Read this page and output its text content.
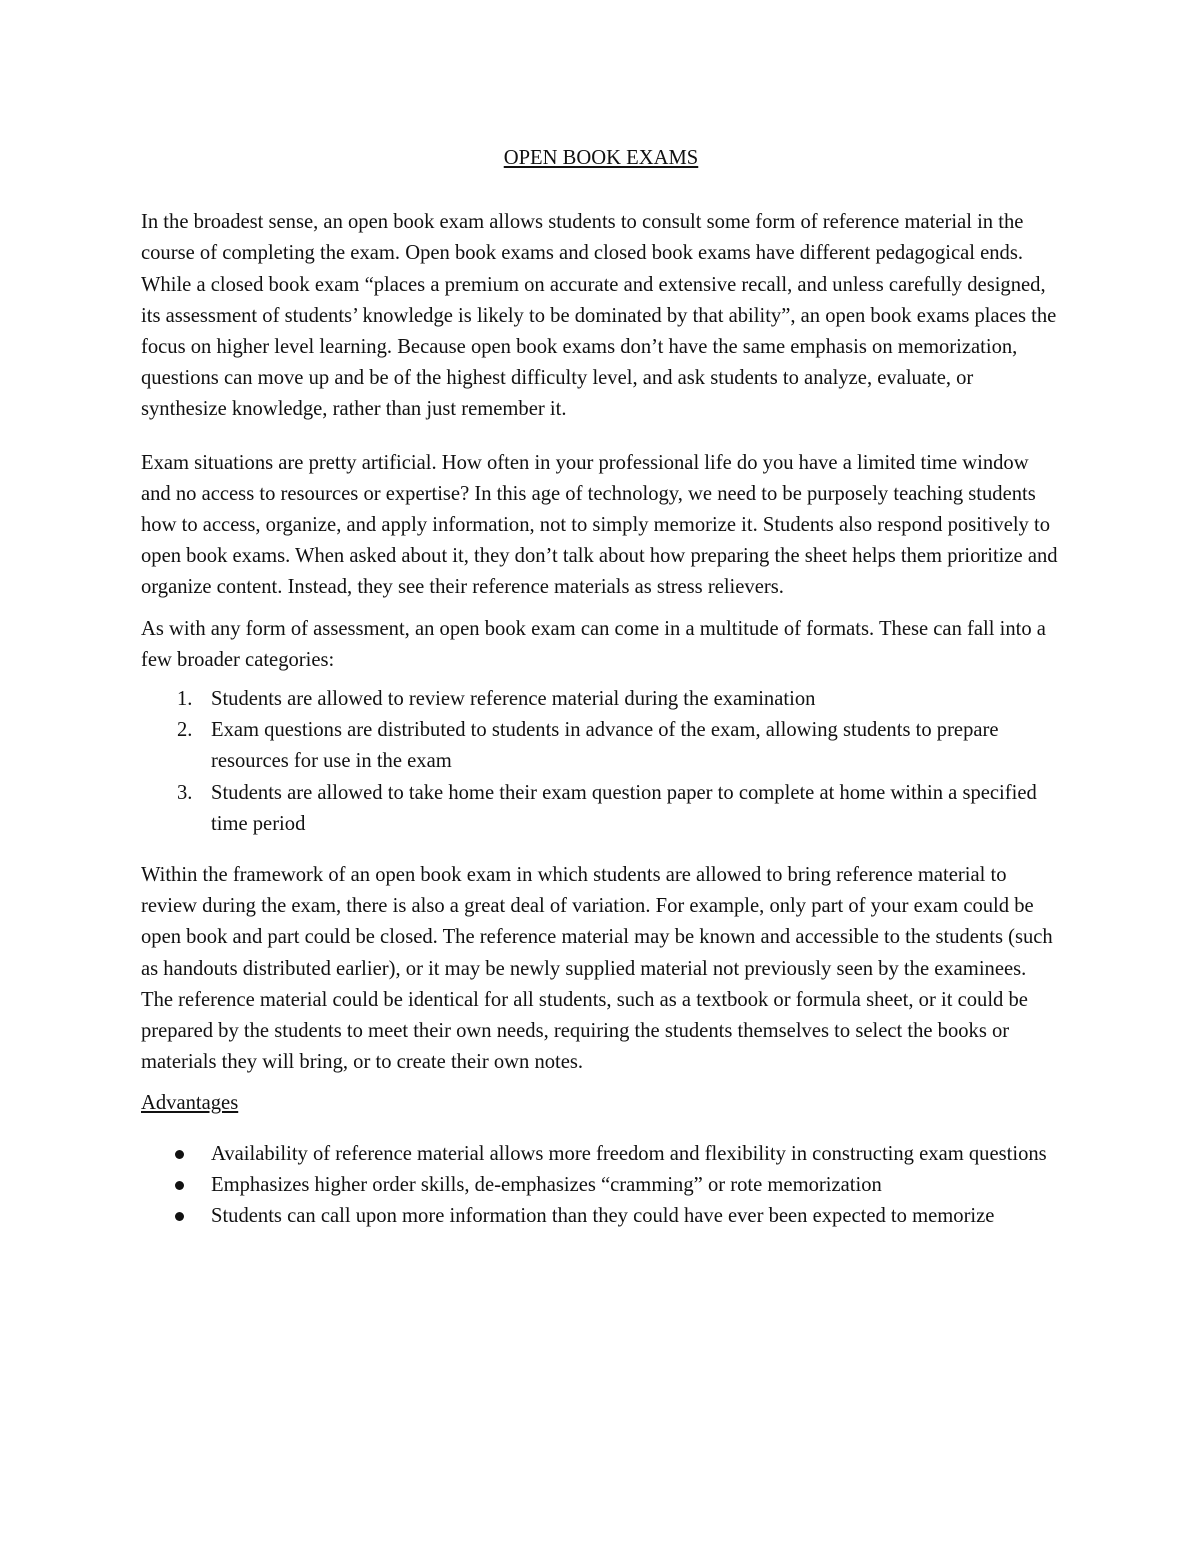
OPEN BOOK EXAMS

In the broadest sense, an open book exam allows students to consult some form of reference material in the course of completing the exam. Open book exams and closed book exams have different pedagogical ends. While a closed book exam “places a premium on accurate and extensive recall, and unless carefully designed, its assessment of students’ knowledge is likely to be dominated by that ability”, an open book exams places the focus on higher level learning. Because open book exams don’t have the same emphasis on memorization, questions can move up and be of the highest difficulty level, and ask students to analyze, evaluate, or synthesize knowledge, rather than just remember it.

Exam situations are pretty artificial. How often in your professional life do you have a limited time window and no access to resources or expertise? In this age of technology, we need to be purposely teaching students how to access, organize, and apply information, not to simply memorize it. Students also respond positively to open book exams. When asked about it, they don’t talk about how preparing the sheet helps them prioritize and organize content. Instead, they see their reference materials as stress relievers.

As with any form of assessment, an open book exam can come in a multitude of formats. These can fall into a few broader categories:

1. Students are allowed to review reference material during the examination
2. Exam questions are distributed to students in advance of the exam, allowing students to prepare resources for use in the exam
3. Students are allowed to take home their exam question paper to complete at home within a specified time period

Within the framework of an open book exam in which students are allowed to bring reference material to review during the exam, there is also a great deal of variation. For example, only part of your exam could be open book and part could be closed. The reference material may be known and accessible to the students (such as handouts distributed earlier), or it may be newly supplied material not previously seen by the examinees. The reference material could be identical for all students, such as a textbook or formula sheet, or it could be prepared by the students to meet their own needs, requiring the students themselves to select the books or materials they will bring, or to create their own notes.

Advantages

Availability of reference material allows more freedom and flexibility in constructing exam questions
Emphasizes higher order skills, de-emphasizes “cramming” or rote memorization
Students can call upon more information than they could have ever been expected to memorize
